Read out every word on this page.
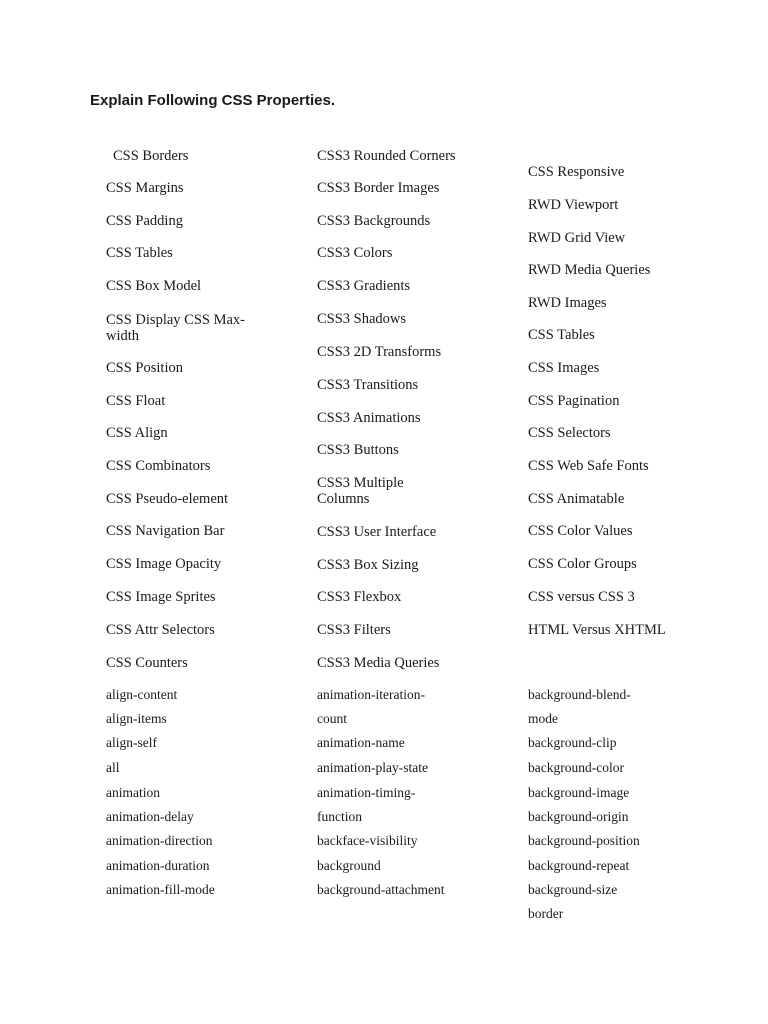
Explain Following CSS Properties.
CSS Borders
CSS Margins
CSS Padding
CSS Tables
CSS Box Model
CSS Display CSS Max-width
CSS Position
CSS Float
CSS Align
CSS Combinators
CSS Pseudo-element
CSS Navigation Bar
CSS Image Opacity
CSS Image Sprites
CSS Attr Selectors
CSS Counters
CSS3 Rounded Corners
CSS3 Border Images
CSS3 Backgrounds
CSS3 Colors
CSS3 Gradients
CSS3 Shadows
CSS3 2D Transforms
CSS3 Transitions
CSS3 Animations
CSS3 Buttons
CSS3 Multiple Columns
CSS3 User Interface
CSS3 Box Sizing
CSS3 Flexbox
CSS3 Filters
CSS3 Media Queries
CSS Responsive
RWD Viewport
RWD Grid View
RWD Media Queries
RWD Images
CSS Tables
CSS Images
CSS Pagination
CSS Selectors
CSS Web Safe Fonts
CSS Animatable
CSS Color Values
CSS Color Groups
CSS versus CSS 3
HTML Versus XHTML
align-content
align-items
align-self
all
animation
animation-delay
animation-direction
animation-duration
animation-fill-mode
animation-iteration-
count
animation-name
animation-play-state
animation-timing-
function
backface-visibility
background
background-attachment
background-blend-
mode
background-clip
background-color
background-image
background-origin
background-position
background-repeat
background-size
border
